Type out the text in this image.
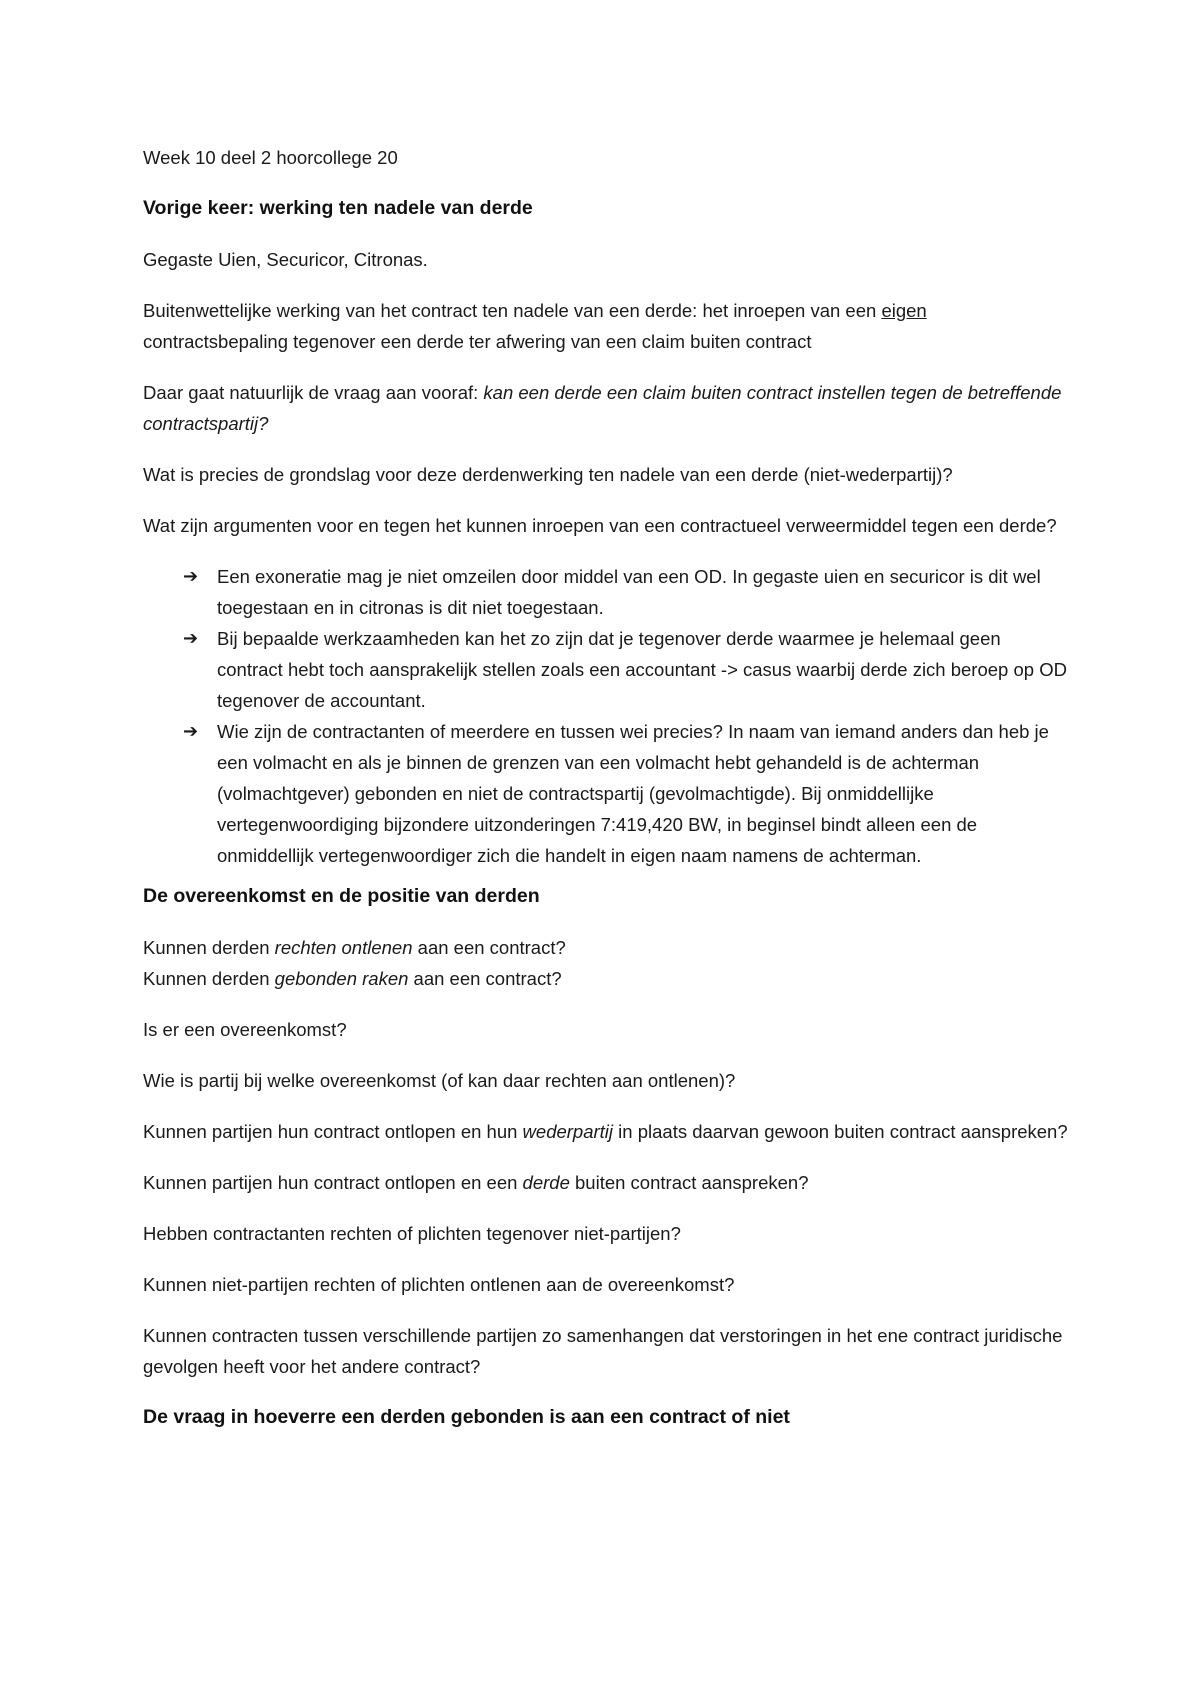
Week 10 deel 2 hoorcollege 20

Vorige keer: werking ten nadele van derde

Gegaste Uien, Securicor, Citronas.

Buitenwettelijke werking van het contract ten nadele van een derde: het inroepen van een eigen contractsbepaling tegenover een derde ter afwering van een claim buiten contract

Daar gaat natuurlijk de vraag aan vooraf: kan een derde een claim buiten contract instellen tegen de betreffende contractspartij?

Wat is precies de grondslag voor deze derdenwerking ten nadele van een derde (niet-wederpartij)?

Wat zijn argumenten voor en tegen het kunnen inroepen van een contractueel verweermiddel tegen een derde?

➔ Een exoneratie mag je niet omzeilen door middel van een OD. In gegaste uien en securicor is dit wel toegestaan en in citronas is dit niet toegestaan.
➔ Bij bepaalde werkzaamheden kan het zo zijn dat je tegenover derde waarmee je helemaal geen contract hebt toch aansprakelijk stellen zoals een accountant -> casus waarbij derde zich beroep op OD tegenover de accountant.
➔ Wie zijn de contractanten of meerdere en tussen wei precies? In naam van iemand anders dan heb je een volmacht en als je binnen de grenzen van een volmacht hebt gehandeld is de achterman (volmachtgever) gebonden en niet de contractspartij (gevolmachtigde). Bij onmiddellijke vertegenwoordiging bijzondere uitzonderingen 7:419,420 BW, in beginsel bindt alleen een de onmiddellijk vertegenwoordiger zich die handelt in eigen naam namens de achterman.
De overeenkomst en de positie van derden

Kunnen derden rechten ontlenen aan een contract?

Kunnen derden gebonden raken aan een contract?

Is er een overeenkomst?

Wie is partij bij welke overeenkomst (of kan daar rechten aan ontlenen)?

Kunnen partijen hun contract ontlopen en hun wederpartij in plaats daarvan gewoon buiten contract aanspreken?

Kunnen partijen hun contract ontlopen en een derde buiten contract aanspreken?

Hebben contractanten rechten of plichten tegenover niet-partijen?

Kunnen niet-partijen rechten of plichten ontlenen aan de overeenkomst?

Kunnen contracten tussen verschillende partijen zo samenhangen dat verstoringen in het ene contract juridische gevolgen heeft voor het andere contract?

De vraag in hoeverre een derden gebonden is aan een contract of niet
